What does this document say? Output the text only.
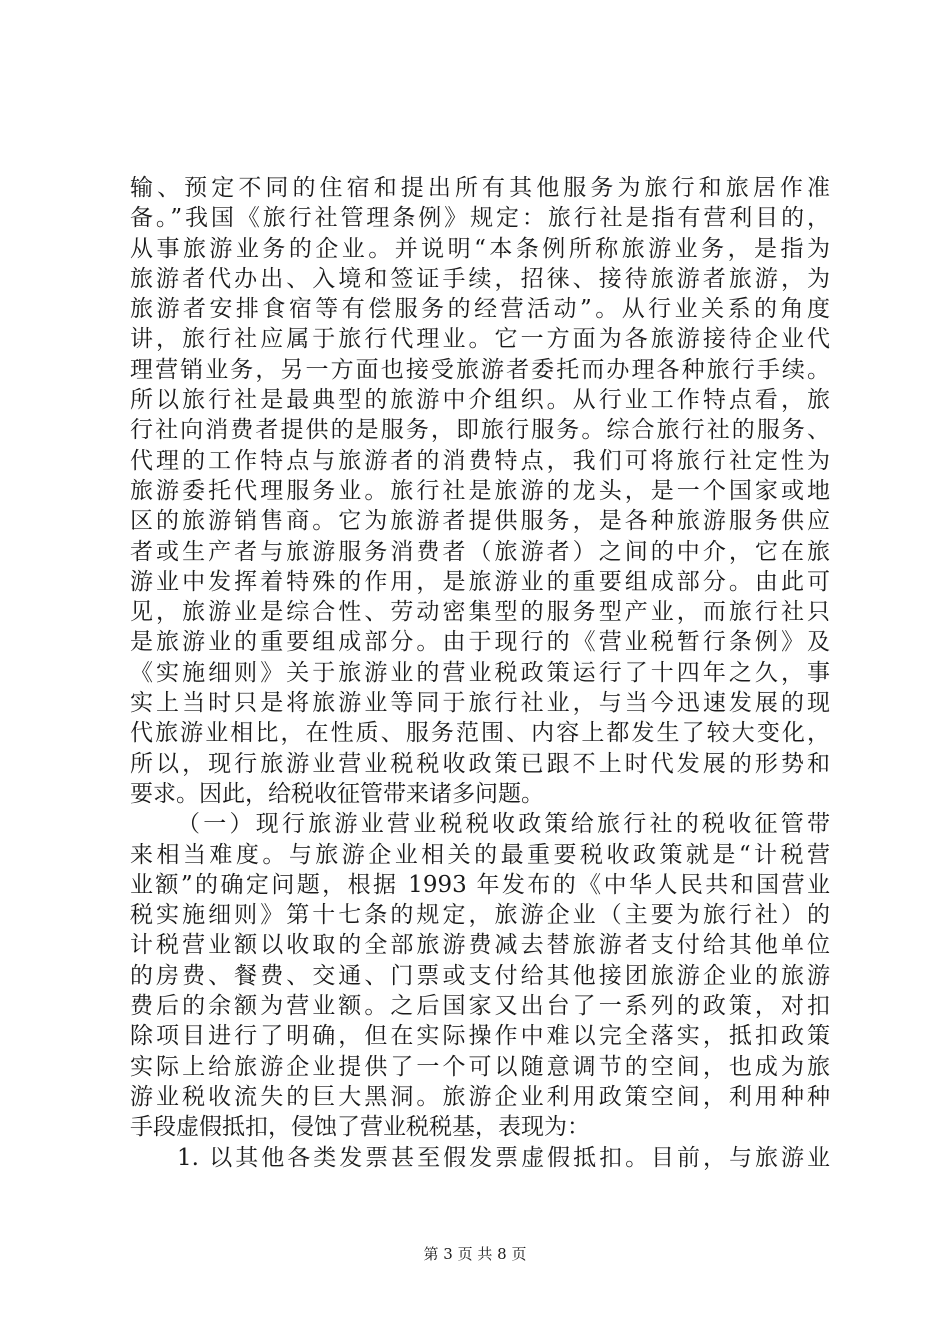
输、预定不同的住宿和提出所有其他服务为旅行和旅居作准
备。”我国《旅行社管理条例》规定：旅行社是指有营利目的，
从事旅游业务的企业。并说明“本条例所称旅游业务，是指为
旅游者代办出、入境和签证手续，招徕、接待旅游者旅游，为
旅游者安排食宿等有偿服务的经营活动”。从行业关系的角度
讲，旅行社应属于旅行代理业。它一方面为各旅游接待企业代
理营销业务，另一方面也接受旅游者委托而办理各种旅行手续。
所以旅行社是最典型的旅游中介组织。从行业工作特点看，旅
行社向消费者提供的是服务，即旅行服务。综合旅行社的服务、
代理的工作特点与旅游者的消费特点，我们可将旅行社定性为
旅游委托代理服务业。旅行社是旅游的龙头，是一个国家或地
区的旅游销售商。它为旅游者提供服务，是各种旅游服务供应
者或生产者与旅游服务消费者（旅游者）之间的中介，它在旅
游业中发挥着特殊的作用，是旅游业的重要组成部分。由此可
见，旅游业是综合性、劳动密集型的服务型产业，而旅行社只
是旅游业的重要组成部分。由于现行的《营业税暂行条例》及
《实施细则》关于旅游业的营业税政策运行了十四年之久，事
实上当时只是将旅游业等同于旅行社业，与当今迅速发展的现
代旅游业相比，在性质、服务范围、内容上都发生了较大变化，
所以，现行旅游业营业税税收政策已跟不上时代发展的形势和
要求。因此，给税收征管带来诸多问题。
（一）现行旅游业营业税税收政策给旅行社的税收征管带
来相当难度。与旅游企业相关的最重要税收政策就是“计税营
业额”的确定问题，根据 1993 年发布的《中华人民共和国营业
税实施细则》第十七条的规定，旅游企业（主要为旅行社）的
计税营业额以收取的全部旅游费减去替旅游者支付给其他单位
的房费、餐费、交通、门票或支付给其他接团旅游企业的旅游
费后的余额为营业额。之后国家又出台了一系列的政策，对扣
除项目进行了明确，但在实际操作中难以完全落实，抵扣政策
实际上给旅游企业提供了一个可以随意调节的空间，也成为旅
游业税收流失的巨大黑洞。旅游企业利用政策空间，利用种种
手段虚假抵扣，侵蚀了营业税税基，表现为：
1. 以其他各类发票甚至假发票虚假抵扣。目前，与旅游业
第 3 页 共 8 页
